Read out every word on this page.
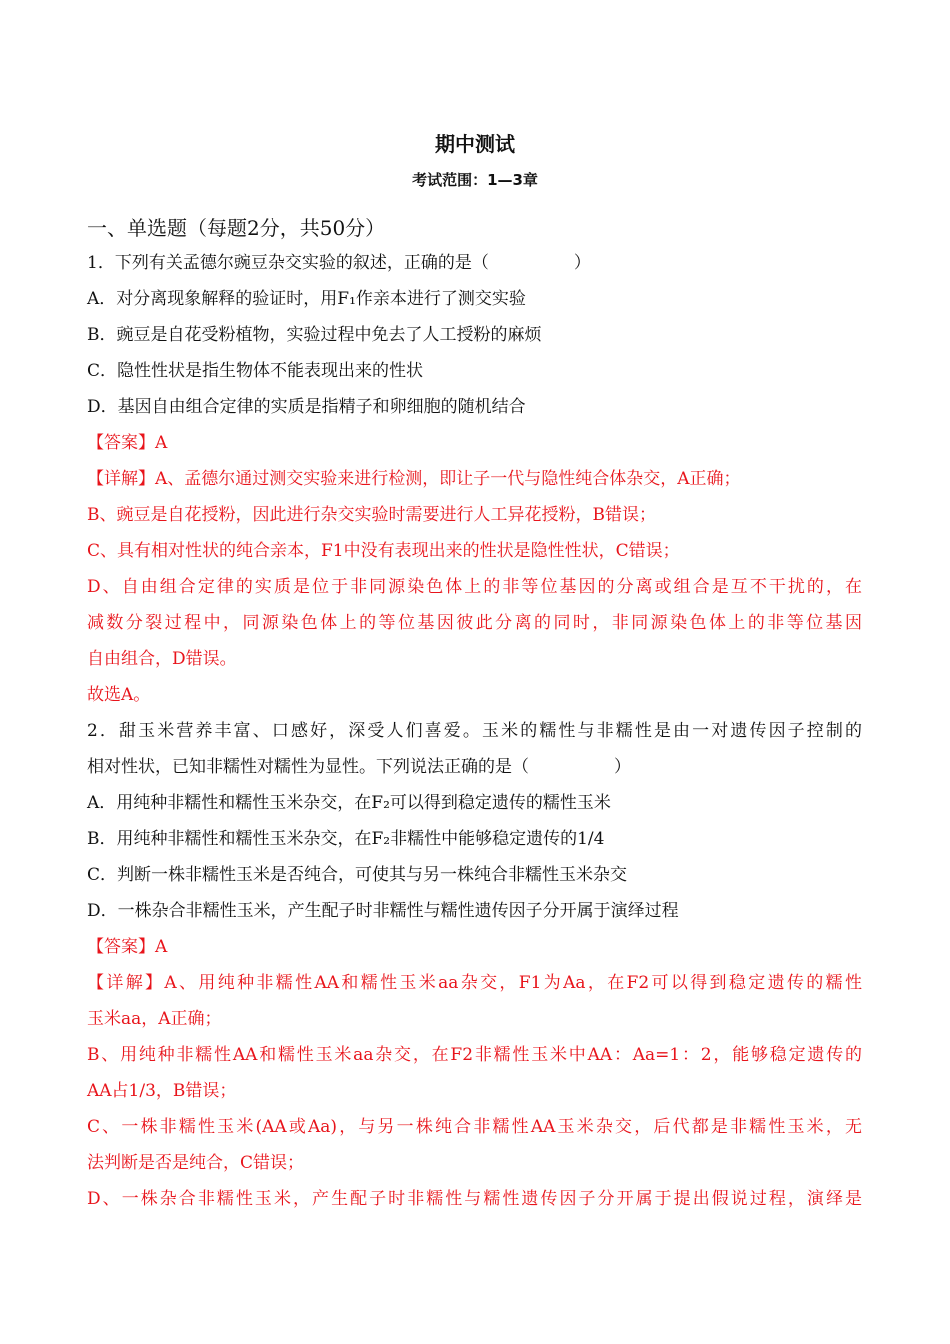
期中测试
考试范围：1—3章
一、单选题（每题2分，共50分）
1．下列有关孟德尔豌豆杂交实验的叙述，正确的是（　　　　　）
A．对分离现象解释的验证时，用F₁作亲本进行了测交实验
B．豌豆是自花受粉植物，实验过程中免去了人工授粉的麻烦
C．隐性性状是指生物体不能表现出来的性状
D．基因自由组合定律的实质是指精子和卵细胞的随机结合
【答案】A
【详解】A、孟德尔通过测交实验来进行检测，即让子一代与隐性纯合体杂交，A正确；
B、豌豆是自花授粉，因此进行杂交实验时需要进行人工异花授粉，B错误；
C、具有相对性状的纯合亲本，F1中没有表现出来的性状是隐性性状，C错误；
D、自由组合定律的实质是位于非同源染色体上的非等位基因的分离或组合是互不干扰的，在
减数分裂过程中，同源染色体上的等位基因彼此分离的同时，非同源染色体上的非等位基因
自由组合，D错误。
故选A。
2．甜玉米营养丰富、口感好，深受人们喜爱。玉米的糯性与非糯性是由一对遗传因子控制的
相对性状，已知非糯性对糯性为显性。下列说法正确的是（　　　　　）
A．用纯种非糯性和糯性玉米杂交，在F₂可以得到稳定遗传的糯性玉米
B．用纯种非糯性和糯性玉米杂交，在F₂非糯性中能够稳定遗传的1/4
C．判断一株非糯性玉米是否纯合，可使其与另一株纯合非糯性玉米杂交
D．一株杂合非糯性玉米，产生配子时非糯性与糯性遗传因子分开属于演绎过程
【答案】A
【详解】A、用纯种非糯性AA和糯性玉米aa杂交，F1为Aa，在F2可以得到稳定遗传的糯性
玉米aa，A正确；
B、用纯种非糯性AA和糯性玉米aa杂交，在F2非糯性玉米中AA：Aa=1：2，能够稳定遗传的
AA占1/3，B错误；
C、一株非糯性玉米(AA或Aa)，与另一株纯合非糯性AA玉米杂交，后代都是非糯性玉米，无
法判断是否是纯合，C错误；
D、一株杂合非糯性玉米，产生配子时非糯性与糯性遗传因子分开属于提出假说过程，演绎是
